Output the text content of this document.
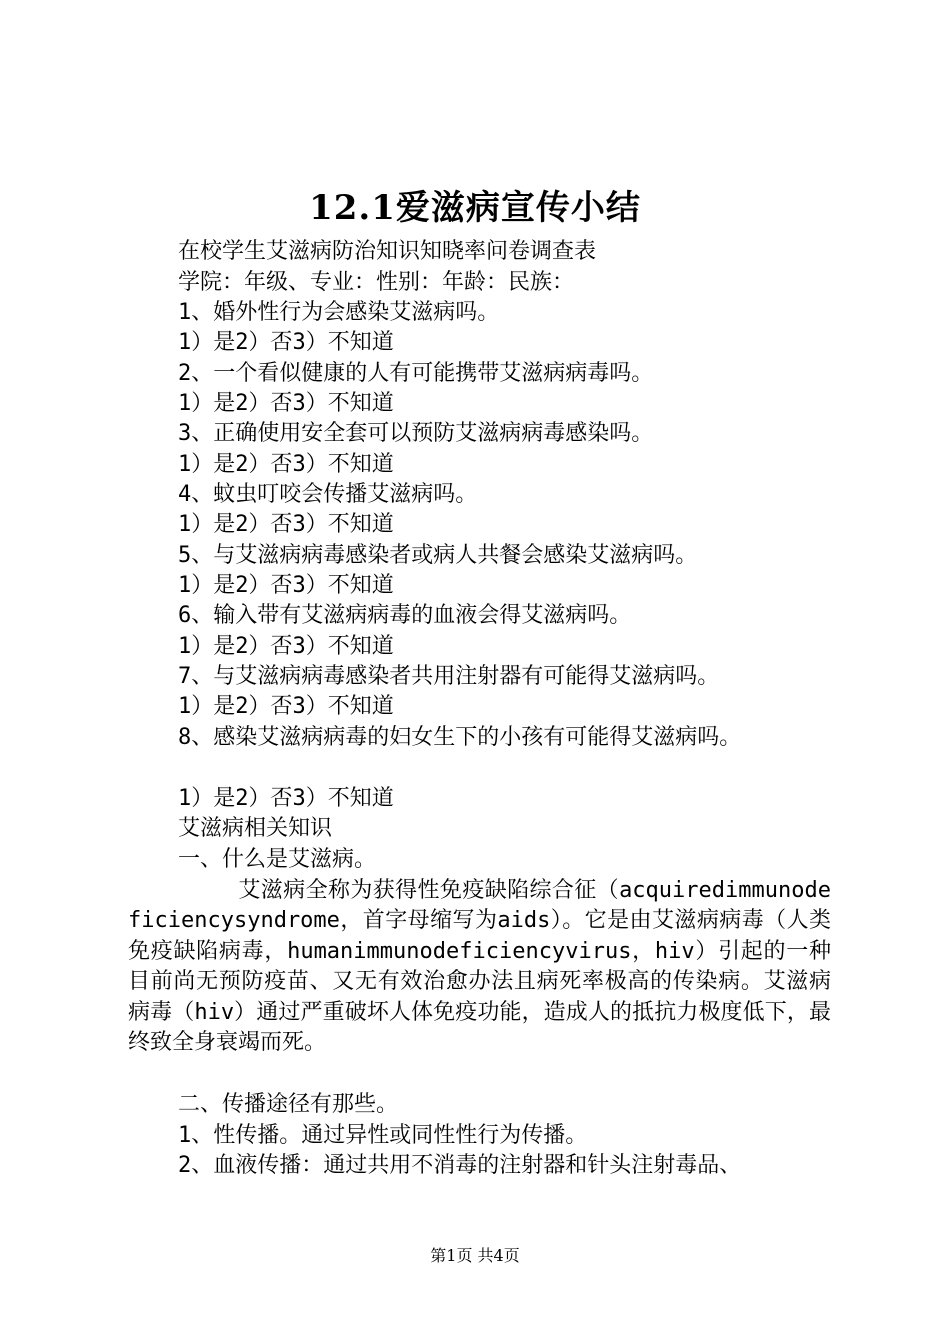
12.1爱滋病宣传小结
在校学生艾滋病防治知识知晓率问卷调查表
学院：年级、专业：性别：年龄：民族：
1、婚外性行为会感染艾滋病吗。
1）是2）否3）不知道
2、一个看似健康的人有可能携带艾滋病病毒吗。
1）是2）否3）不知道
3、正确使用安全套可以预防艾滋病病毒感染吗。
1）是2）否3）不知道
4、蚊虫叮咬会传播艾滋病吗。
1）是2）否3）不知道
5、与艾滋病病毒感染者或病人共餐会感染艾滋病吗。
1）是2）否3）不知道
6、输入带有艾滋病病毒的血液会得艾滋病吗。
1）是2）否3）不知道
7、与艾滋病病毒感染者共用注射器有可能得艾滋病吗。
1）是2）否3）不知道
8、感染艾滋病病毒的妇女生下的小孩有可能得艾滋病吗。
1）是2）否3）不知道
艾滋病相关知识
一、什么是艾滋病。
艾滋病全称为获得性免疫缺陷综合征（acquiredimmunodeficiencysyndrome，首字母缩写为aids）。它是由艾滋病病毒（人类免疫缺陷病毒，humanimmunodeficiencyvirus，hiv）引起的一种目前尚无预防疫苗、又无有效治愈办法且病死率极高的传染病。艾滋病病毒（hiv）通过严重破坏人体免疫功能，造成人的抵抗力极度低下，最终致全身衰竭而死。
二、传播途径有那些。
1、性传播。通过异性或同性性行为传播。
2、血液传播：通过共用不消毒的注射器和针头注射毒品、
第1页 共4页
